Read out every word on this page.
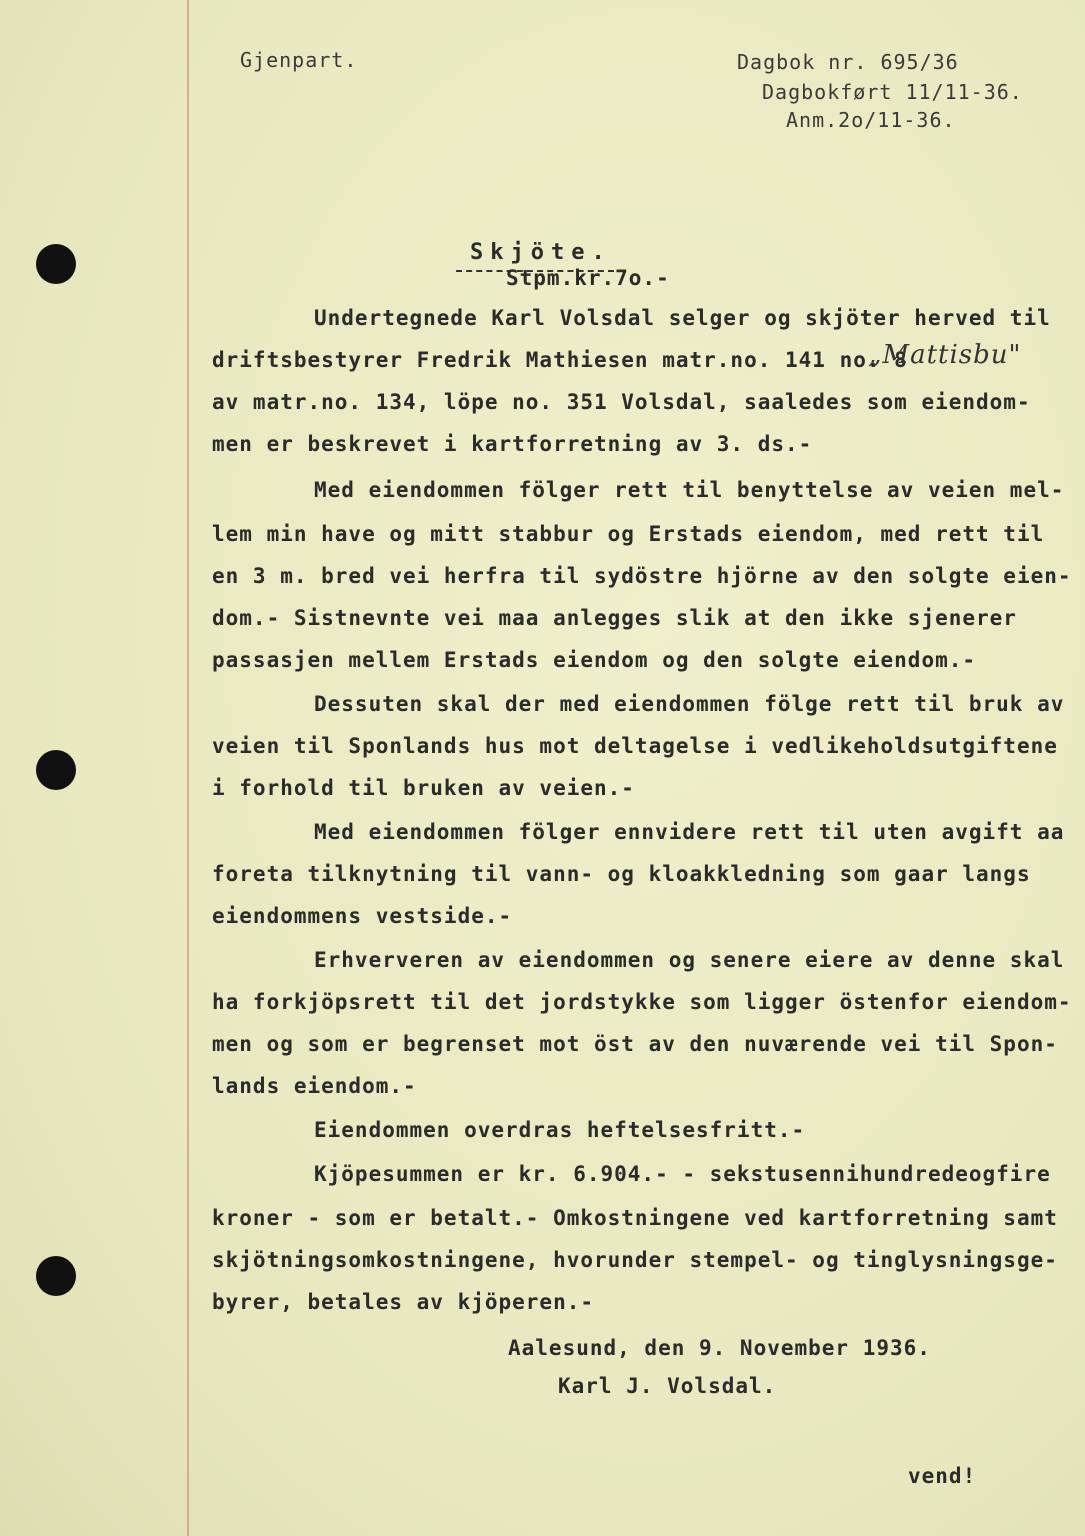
Gjenpart.	Dagbok nr. 695/36
Dagbokført 11/11-36.
Anm.2o/11-36.
Skjöte.
Stpm.kr.7o.-
Undertegnede Karl Volsdal selger og skjöter herved til
driftsbestyrer Fredrik Mathiesen matr.no. 141 no. 8
„Mattisbu"
av matr.no. 134, löpe no. 351 Volsdal, saaledes som eiendom-
men er beskrevet i kartforretning av 3. ds.-
Med eiendommen fölger rett til benyttelse av veien mel-
lem min have og mitt stabbur og Erstads eiendom, med rett til
en 3 m. bred vei herfra til sydöstre hjörne av den solgte eien-
dom.- Sistnevnte vei maa anlegges slik at den ikke sjenerer
passasjen mellem Erstads eiendom og den solgte eiendom.-
Dessuten skal der med eiendommen fölge rett til bruk av
veien til Sponlands hus mot deltagelse i vedlikeholdsutgiftene
i forhold til bruken av veien.-
Med eiendommen fölger ennvidere rett til uten avgift aa
foreta tilknytning til vann- og kloakkledning som gaar langs
eiendommens vestside.-
Erhververen av eiendommen og senere eiere av denne skal
ha forkjöpsrett til det jordstykke som ligger östenfor eiendom-
men og som er begrenset mot öst av den nuværende vei til Spon-
lands eiendom.-
Eiendommen overdras heftelsesfritt.-
Kjöpesummen er kr. 6.904.- - sekstusennihundredeogfire
kroner - som er betalt.- Omkostningene ved kartforretning samt
skjötningsomkostningene, hvorunder stempel- og tinglysningsge-
byrer, betales av kjöperen.-
Aalesund, den 9. November 1936.
Karl J. Volsdal.
vend!
